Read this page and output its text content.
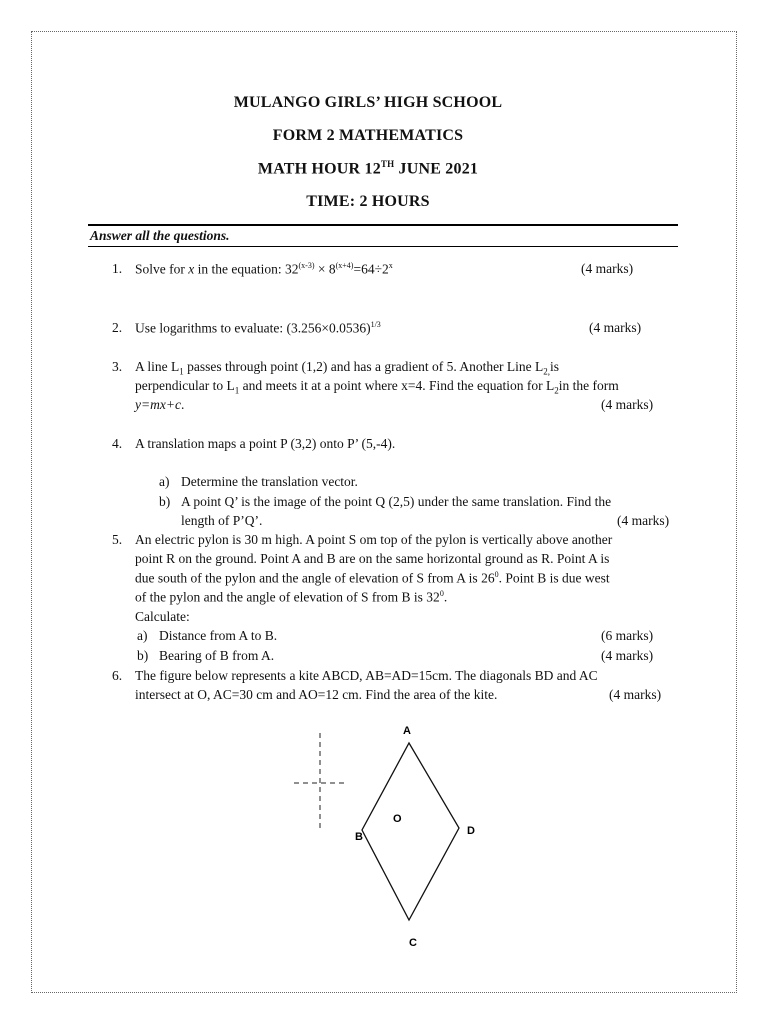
MULANGO GIRLS’ HIGH SCHOOL
FORM 2 MATHEMATICS
MATH HOUR 12TH JUNE 2021
TIME: 2 HOURS
Answer all the questions.
1. Solve for x in the equation: $32^{(x-3)} \times 8^{(x+4)}=64\div 2^x$	(4 marks)
2. Use logarithms to evaluate: $(3.256\times 0.0536)^{1/3}$	(4 marks)
3. A line $L_1$ passes through point (1,2) and has a gradient of 5. Another Line $L_{2,}is$
perpendicular to $L_1$ and meets it at a point where x=4. Find the equation for $L_2in$ the form
y=mx+c.	(4 marks)
4. A translation maps a point P (3,2) onto P’ (5,-4).
a) Determine the translation vector.
b) A point Q’ is the image of the point Q (2,5) under the same translation. Find the
length of P’Q’.	(4 marks)
5. An electric pylon is 30 m high. A point S om top of the pylon is vertically above another
point R on the ground. Point A and B are on the same horizontal ground as R. Point A is
due south of the pylon and the angle of elevation of S from A is $26^0$. Point B is due west
of the pylon and the angle of elevation of S from B is $32^0$.
Calculate:
a) Distance from A to B.	(6 marks)
b) Bearing of B from A.	(4 marks)
6. The figure below represents a kite ABCD, AB=AD=15cm. The diagonals BD and AC
intersect at O, AC=30 cm and AO=12 cm. Find the area of the kite.	(4 marks)
A
B
C
D
O
